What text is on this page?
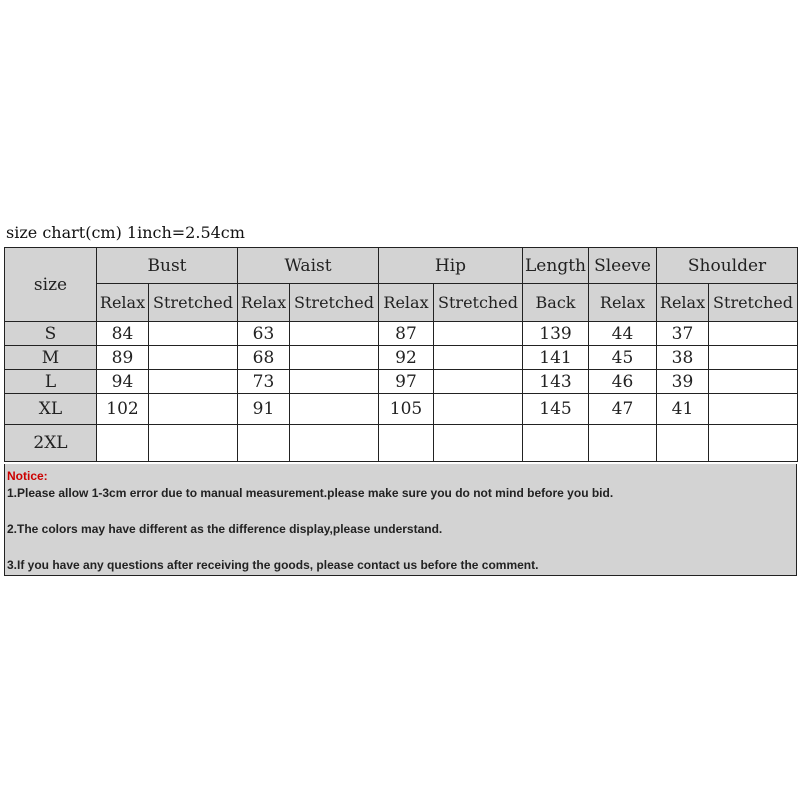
size chart(cm) 1inch=2.54cm
size	Bust		Waist		Hip		Length	Sleeve	Shoulder	
	Relax	Stretched	Relax	Stretched	Relax	Stretched	Back	Relax	Relax	Stretched
S	84		63		87		139	44	37	
M	89		68		92		141	45	38	
L	94		73		97		143	46	39	
XL	102		91		105		145	47	41	
2XL										
Notice:
1.Please allow 1-3cm error due to manual measurement.please make sure you do not mind before you bid.
2.The colors may have different as the difference display,please understand.
3.If you have any questions after receiving the goods, please contact us before the comment.
